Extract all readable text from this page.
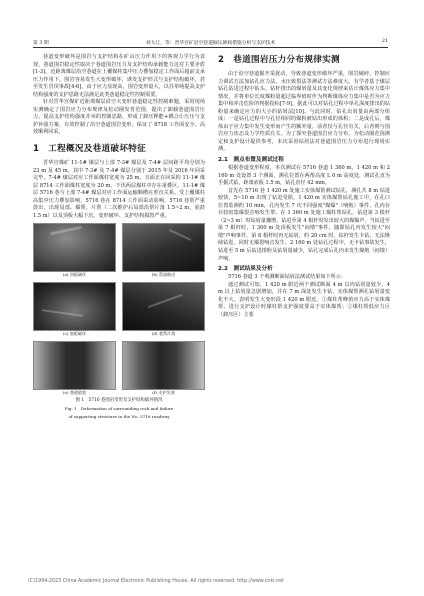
第 3 期	刘大江，等：晋华宫矿沿空巷道掘压卸载措施分析与支护技术	21

巷道变形破坏是围岩与支护结构在矿山压力作用下的客观力学行为表现，巷道围岩稳定性取决于巷道围岩压力及支护结构承载能力这对主要矛盾[1-3]。近距离煤层沿空巷道在上覆煤柱集中压力叠加稳定工作面后超前支承压力作用下，围岩容易发生大变形破坏，诱发支护形式与支护结构破坏，甚至发生冒顶事故[4-6]。由于应力显现高、围岩变形量大，以往单纯提高支护结构强度的支护思路无法满足此类巷道稳定性控制需要。

针对晋华宫煤矿近距离煤层沿空大变形巷道稳定性控制难题，采用现场实测确定了围岩应力分布规律及松动圈发育范围，提出了卸载巷道围岩压力、提高支护结构强度并举的控制思路，形成了卸压释能+耦合让压压与支护补强方案，有效控制了沿空巷道围岩变形，保证了 8718 工作面安全、高效顺利回采。

1　工程概况及巷道破坏特征

晋华宫煤矿 11-1# 煤层与上部 7-3# 煤层及 7-4# 层间距平均分别为 23 m 及 45 m，其中 7-3# 及 7-4# 煤层分别于 2015 年及 2016 年回采完毕，7-4# 煤层对应工作面煤柱宽度为 25 m，且面正在回采的 11-1# 煤层 8714 工作面煤柱宽度为 20 m，下伏两层煤柱中存在重叠区，11-1# 煤层 5716 巷与上部 7-4# 煤层对应工作面运输顺槽在垂直关系。受上覆煤柱高集中压力叠加影响，5716 巷在 8714 工作面采动影响，5716 巷帮严重鼓出，出现局部、爆帮、片帮（二次维护后局部沿帮片落 1.5~2 m，底鼓 1.5 m）以及顶板大幅下沉、变形破坏、支护结构损毁严重。

(a) 顶板破坏	(b) 帮部鼓出
(c) 底板破坏	(d) 巷帮片落
(e) 巷道收敛	(f) 支护失效
图 1　5716 巷围岩变形及支护结构破坏情况
Fig. 1　Deformation of surrounding rock and failure
of supporting structure in the No. 5716 roadway
2　巷道围岩压力分布规律实测

由于沿空巷道掘开采扰动，导致巷道变形破坏严重，围岩破碎，控制应力调试方法加钻孔应力法、水压致裂法等测试方法难度大。有学者基于煤层钻孔钻进过程中钻头、钻杆排出的煤屑量及其变化规律来估计煤体应力集中情况，并将单位长度煤粉量超过临界值时作为判断煤体应力集中是否为应力集中和冲击危险的判据指标[7-9]，据此可以对钻孔过程中单孔深度排出的钻粉量来确定应力的大小的钻屑法[10]。与此同时，钻孔出屑量由两部分组成：一是钻孔过程中与孔径相同的煤粉被钻出形成的体积；二是成孔后，煤体由于应力集中发生变形而产生的额外量，前者仅与孔径有关，后者则与围岩应力状态及力学性质有关。为了探究巷道围岩应力分布，为松动圈范围测定和支护设计提供参考，本次采用钻屑法对巷道围岩压力分布进行现场实测。

2.1　测点布置及测试过程

根据巷道变形程度，本次测试在 5716 巷道 1 360 m、1 420 m 和 2 160 m 处设置 3 个测面，测孔位置在两帮高度 L 0 m 高度处，测试孔直为手掘式钻，距离底板 1.5 m，钻孔直径 42 mm。

首先在 5716 巷 1 420 m 处施工实体煤帮测试钻孔，测孔共 8 m 钻进较快，5~10 m 出现了钻进受阻，1 420 m 实体煤帮钻孔施工中，在孔口位置监测约 10 min，孔内发生 7 次不同强度"煤爆"（响炮）事件，孔内存在较密集爆裂音响发生带。在 1 360 m 处施工煤柱帮钻孔，钻进第 3 根杆（2~3 m）时钻屑量骤增，钻进至第 4 根杆时发出较大的煤爆声，当钻进至第 7 根杆时，1 300 m 处顶板发生"闷墩"事件，随即钻孔内发生较大"闷墩"声响事件，第 8 根杆时再无钻屑，约 20 cm 时，钻杆发生卡钻，无法继续钻进，同时无爆裂响音发生。2 160 m 处钻孔过程中，无卡钻事故发生，钻进至 5 m 后钻进排粉及钻屑量减少，钻孔完成后孔内未发生煤炮（闷墩）声响。

2.2　测试结果及分析

5716 巷道 3 个观测断面钻屑法测试结果如下所示：

通过测试可知，1 420 m 附近两个测试断面 4 m 以内钻屑量较少，4 m 以上钻屑量急剧增加，并在 7 m 深处发生卡钻，实体煤帮测孔钻屑量变化不大。表明发生大变形段 1 420 m 附近，①煤柱帮峰值应力高于实体煤帮，进行支护设计时煤柱帮支护强度要高于实体煤帮；②煤柱帮低应力区（卸压区）主要

(C)1994-2023 China Academic Journal Electronic Publishing House. All rights reserved. http://www.cnki.net
